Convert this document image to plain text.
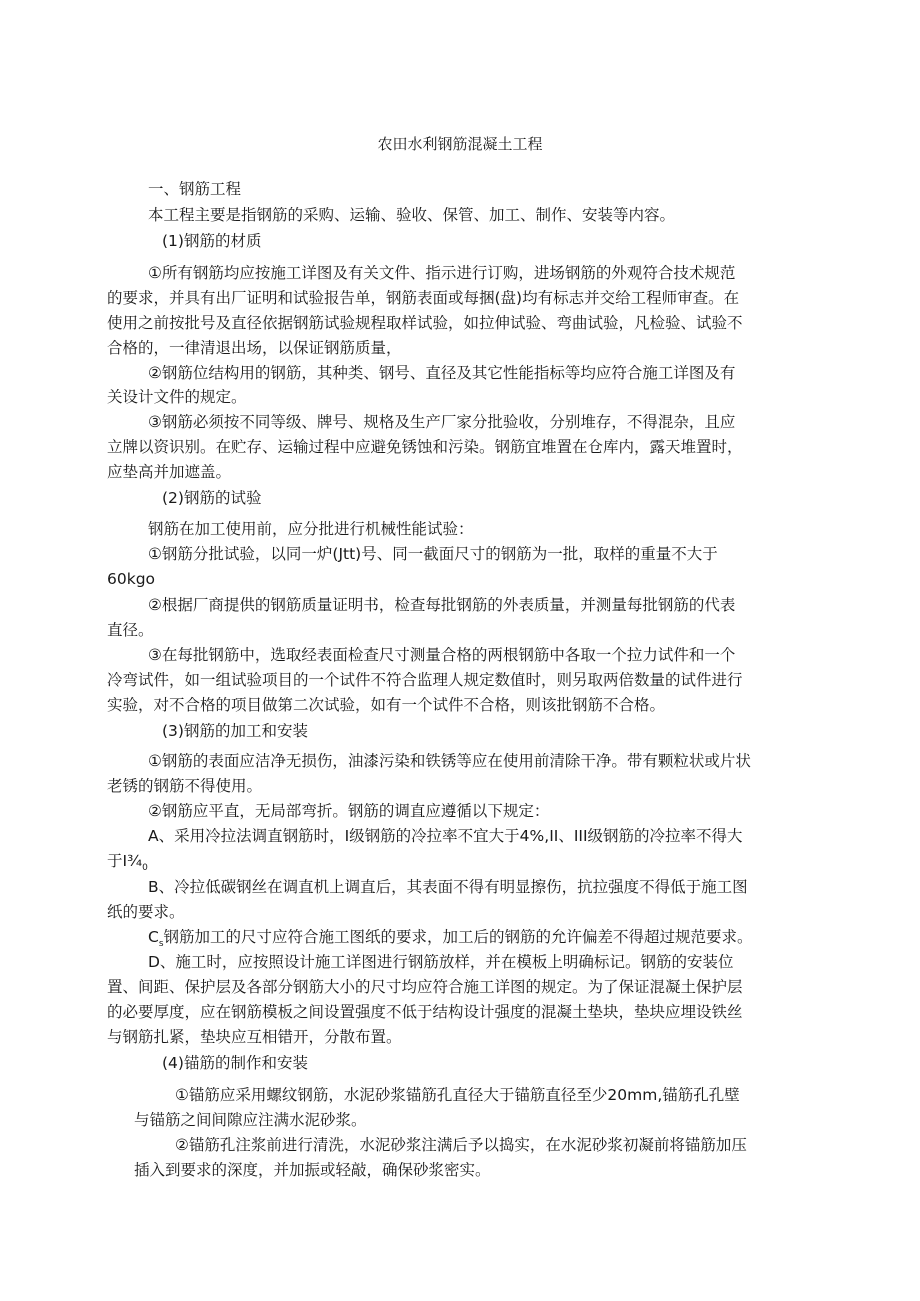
农田水利钢筋混凝土工程
一、钢筋工程
本工程主要是指钢筋的采购、运输、验收、保管、加工、制作、安装等内容。
(1)钢筋的材质
①所有钢筋均应按施工详图及有关文件、指示进行订购，进场钢筋的外观符合技术规范
的要求，并具有出厂证明和试验报告单，钢筋表面或每捆(盘)均有标志并交给工程师审查。在
使用之前按批号及直径依据钢筋试验规程取样试验，如拉伸试验、弯曲试验，凡检验、试验不
合格的，一律清退出场，以保证钢筋质量，
②钢筋位结构用的钢筋，其种类、钢号、直径及其它性能指标等均应符合施工详图及有
关设计文件的规定。
③钢筋必须按不同等级、牌号、规格及生产厂家分批验收，分别堆存，不得混杂，且应
立牌以资识别。在贮存、运输过程中应避免锈蚀和污染。钢筋宜堆置在仓库内，露天堆置时，
应垫高并加遮盖。
(2)钢筋的试验
钢筋在加工使用前，应分批进行机械性能试验：
①钢筋分批试验，以同一炉(Jtt)号、同一截面尺寸的钢筋为一批，取样的重量不大于
60kgo
②根据厂商提供的钢筋质量证明书，检查每批钢筋的外表质量，并测量每批钢筋的代表
直径。
③在每批钢筋中，选取经表面检查尺寸测量合格的两根钢筋中各取一个拉力试件和一个
冷弯试件，如一组试验项目的一个试件不符合监理人规定数值时，则另取两倍数量的试件进行
实验，对不合格的项目做第二次试验，如有一个试件不合格，则该批钢筋不合格。
(3)钢筋的加工和安装
①钢筋的表面应洁净无损伤，油漆污染和铁锈等应在使用前清除干净。带有颗粒状或片状
老锈的钢筋不得使用。
②钢筋应平直，无局部弯折。钢筋的调直应遵循以下规定：
A、采用冷拉法调直钢筋时，I级钢筋的冷拉率不宜大于4%,II、III级钢筋的冷拉率不得大
于$I\frac{3}{4}_0$
B、冷拉低碳钢丝在调直机上调直后，其表面不得有明显擦伤，抗拉强度不得低于施工图
纸的要求。
$C_s$钢筋加工的尺寸应符合施工图纸的要求，加工后的钢筋的允许偏差不得超过规范要求。
D、施工时，应按照设计施工详图进行钢筋放样，并在模板上明确标记。钢筋的安装位
置、间距、保护层及各部分钢筋大小的尺寸均应符合施工详图的规定。为了保证混凝土保护层
的必要厚度，应在钢筋模板之间设置强度不低于结构设计强度的混凝土垫块，垫块应埋设铁丝
与钢筋扎紧，垫块应互相错开，分散布置。
(4)锚筋的制作和安装
①锚筋应采用螺纹钢筋，水泥砂浆锚筋孔直径大于锚筋直径至少20mm,锚筋孔孔壁
与锚筋之间间隙应注满水泥砂浆。
②锚筋孔注浆前进行清洗，水泥砂浆注满后予以捣实，在水泥砂浆初凝前将锚筋加压
插入到要求的深度，并加振或轻敲，确保砂浆密实。
